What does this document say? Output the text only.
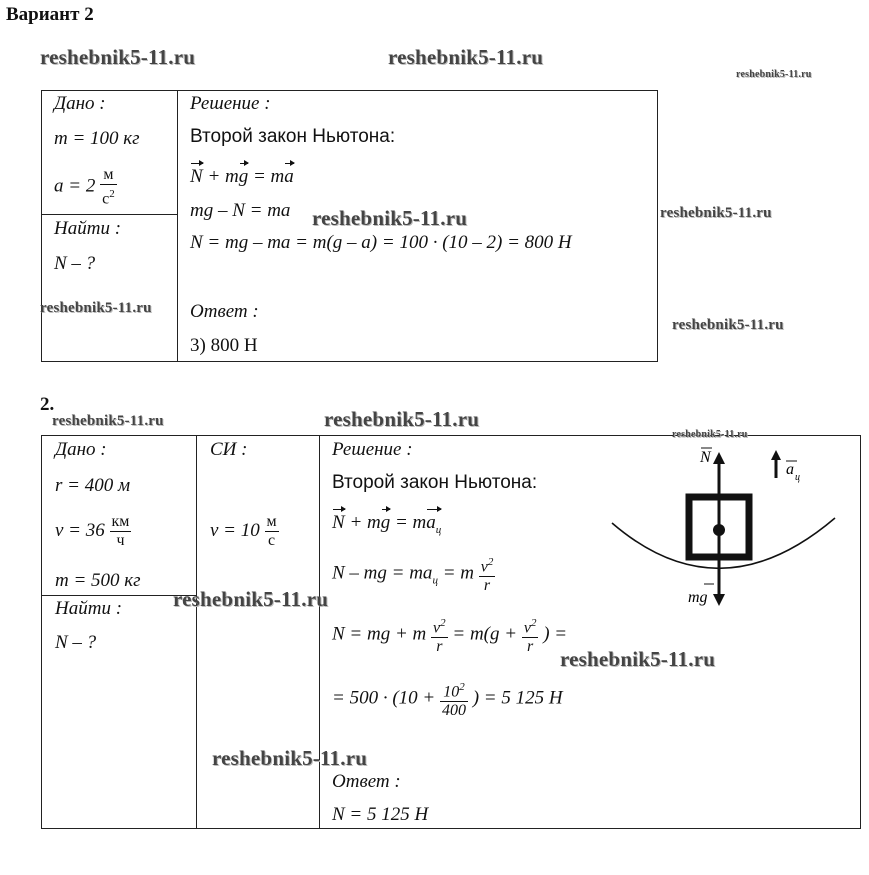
Вариант 2
Дано :
m = 100 кг
$a = 2 \frac{м}{с^2}$
Найти :
N – ?
Решение :
Второй закон Ньютона:
N + mg = ma
mg – N = ma
N = mg – ma = m(g – a) = 100 · (10 – 2) = 800 Н
Ответ :
3) 800 Н
2.
Дано :
r = 400 м
$v = 36 \frac{км}{ч}$
m = 500 кг
Найти :
N – ?
СИ :
$v = 10 \frac{м}{с}$
Решение :
Второй закон Ньютона:
N + mg = $ma_ц$
N – mg = $ma_ц = m \frac{v^2}{r}$
N = mg + m $\frac{v^2}{r} = m(g + \frac{v^2}{r}$ ) =
= $500 \cdot (10 + \frac{10^2}{400}$ ) = 5 125 Н
Ответ :
N = 5 125 Н
N
a ц
mg
reshebnik5-11.ru	reshebnik5-11.ru
reshebnik5-11.ru
reshebnik5-11.ru	reshebnik5-11.ru
reshebnik5-11.ru
reshebnik5-11.ru
reshebnik5-11.ru	reshebnik5-11.ru
reshebnik5-11.ru
reshebnik5-11.ru
reshebnik5-11.ru
reshebnik5-11.ru
